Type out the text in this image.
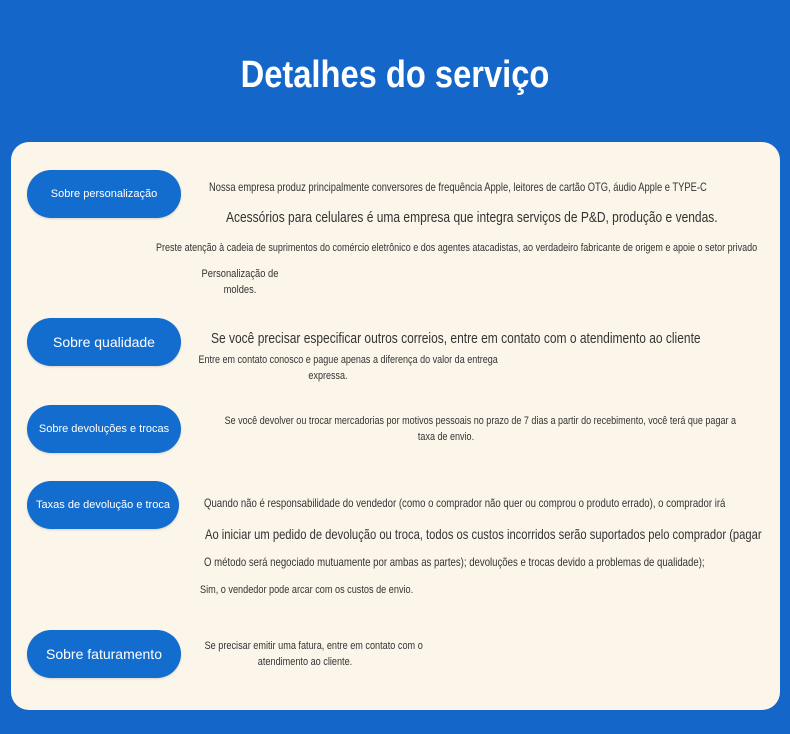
Detalhes do serviço
Sobre personalização	Nossa empresa produz principalmente conversores de frequência Apple, leitores de cartão OTG, áudio Apple e TYPE-C
Acessórios para celulares é uma empresa que integra serviços de P&D, produção e vendas.
Preste atenção à cadeia de suprimentos do comércio eletrônico e dos agentes atacadistas, ao verdadeiro fabricante de origem e apoie o setor privado
Personalização de
moldes.
Sobre qualidade	Se você precisar especificar outros correios, entre em contato com o atendimento ao cliente
Entre em contato conosco e pague apenas a diferença do valor da entrega
expressa.
Sobre devoluções e trocas
Se você devolver ou trocar mercadorias por motivos pessoais no prazo de 7 dias a partir do recebimento, você terá que pagar a
taxa de envio.
Taxas de devolução e troca	Quando não é responsabilidade do vendedor (como o comprador não quer ou comprou o produto errado), o comprador irá
Ao iniciar um pedido de devolução ou troca, todos os custos incorridos serão suportados pelo comprador (pagar
O método será negociado mutuamente por ambas as partes); devoluções e trocas devido a problemas de qualidade);
Sim, o vendedor pode arcar com os custos de envio.
Sobre faturamento	Se precisar emitir uma fatura, entre em contato com o
atendimento ao cliente.
